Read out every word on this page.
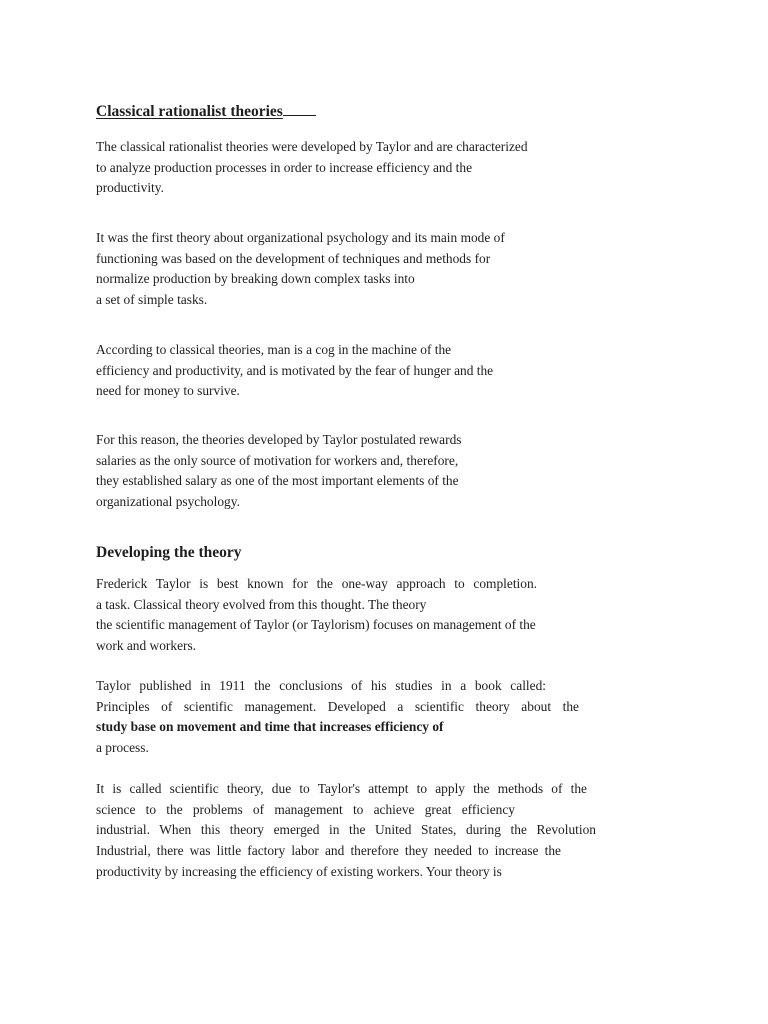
Classical rationalist theories
The classical rationalist theories were developed by Taylor and are characterized
to analyze production processes in order to increase efficiency and the
productivity.
It was the first theory about organizational psychology and its main mode of
functioning was based on the development of techniques and methods for
normalize production by breaking down complex tasks into
a set of simple tasks.
According to classical theories, man is a cog in the machine of the
efficiency and productivity, and is motivated by the fear of hunger and the
need for money to survive.
For this reason, the theories developed by Taylor postulated rewards
salaries as the only source of motivation for workers and, therefore,
they established salary as one of the most important elements of the
organizational psychology.
Developing the theory
Frederick Taylor is best known for the one-way approach to completion.
a task. Classical theory evolved from this thought. The theory
the scientific management of Taylor (or Taylorism) focuses on management of the
work and workers.
Taylor published in 1911 the conclusions of his studies in a book called:
Principles of scientific management. Developed a scientific theory about the
study base on movement and time that increases efficiency of
a process.
It is called scientific theory, due to Taylor's attempt to apply the methods of the
science to the problems of management to achieve great efficiency
industrial. When this theory emerged in the United States, during the Revolution
Industrial, there was little factory labor and therefore they needed to increase the
productivity by increasing the efficiency of existing workers. Your theory is
